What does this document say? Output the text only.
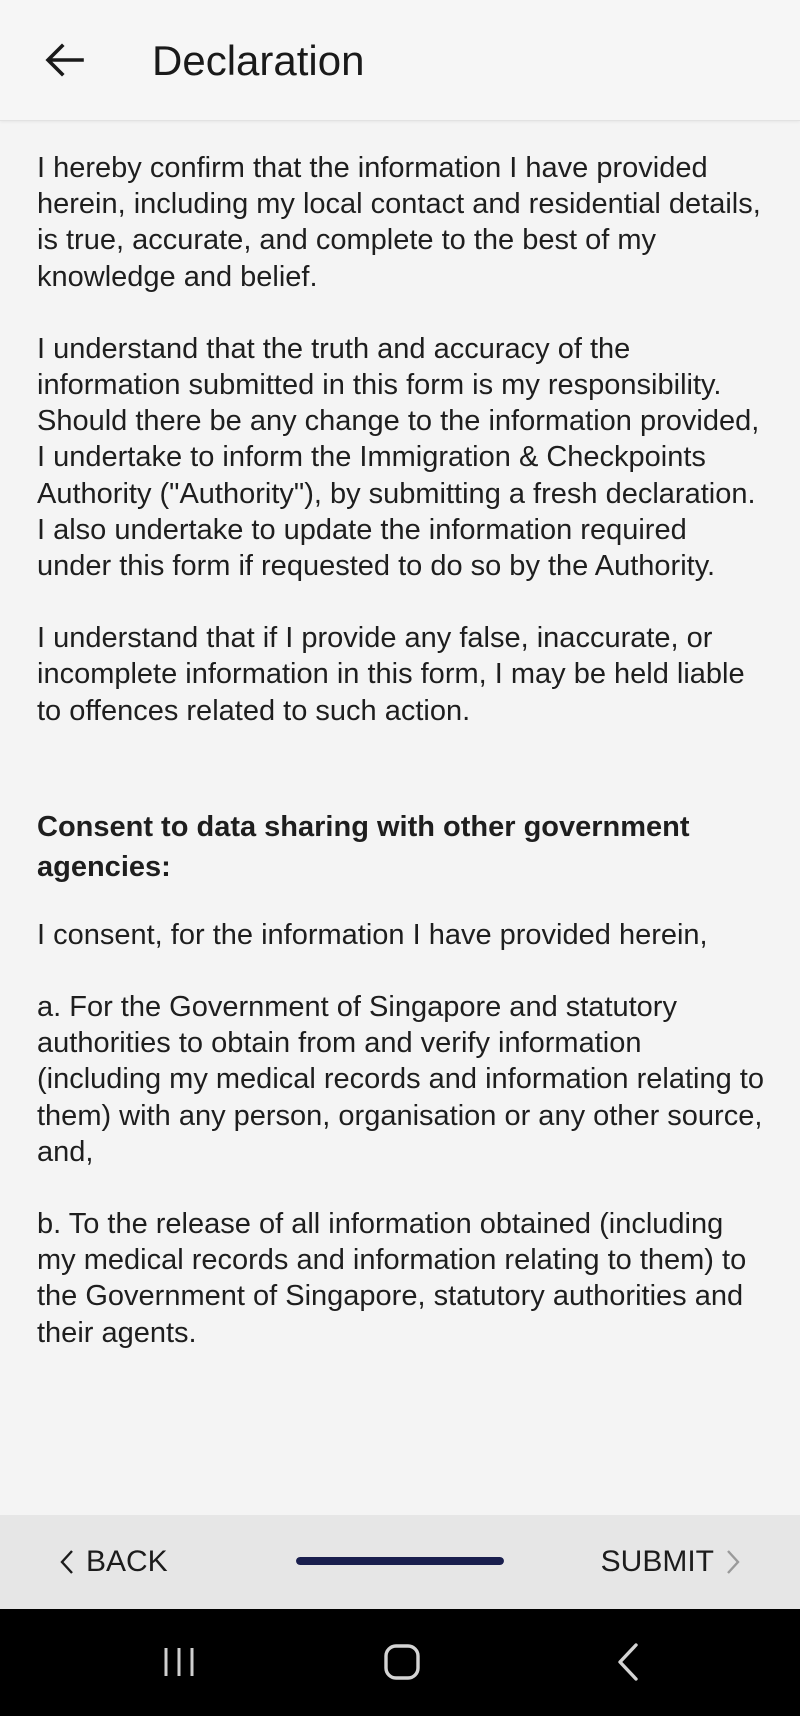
Declaration

I hereby confirm that the information I have provided herein, including my local contact and residential details, is true, accurate, and complete to the best of my knowledge and belief.

I understand that the truth and accuracy of the information submitted in this form is my responsibility. Should there be any change to the information provided, I undertake to inform the Immigration & Checkpoints Authority ("Authority"), by submitting a fresh declaration. I also undertake to update the information required under this form if requested to do so by the Authority.

I understand that if I provide any false, inaccurate, or incomplete information in this form, I may be held liable to offences related to such action.

Consent to data sharing with other government agencies:

I consent, for the information I have provided herein,

a. For the Government of Singapore and statutory authorities to obtain from and verify information (including my medical records and information relating to them) with any person, organisation or any other source, and,

b. To the release of all information obtained (including my medical records and information relating to them) to the Government of Singapore, statutory authorities and their agents.

BACK	SUBMIT
